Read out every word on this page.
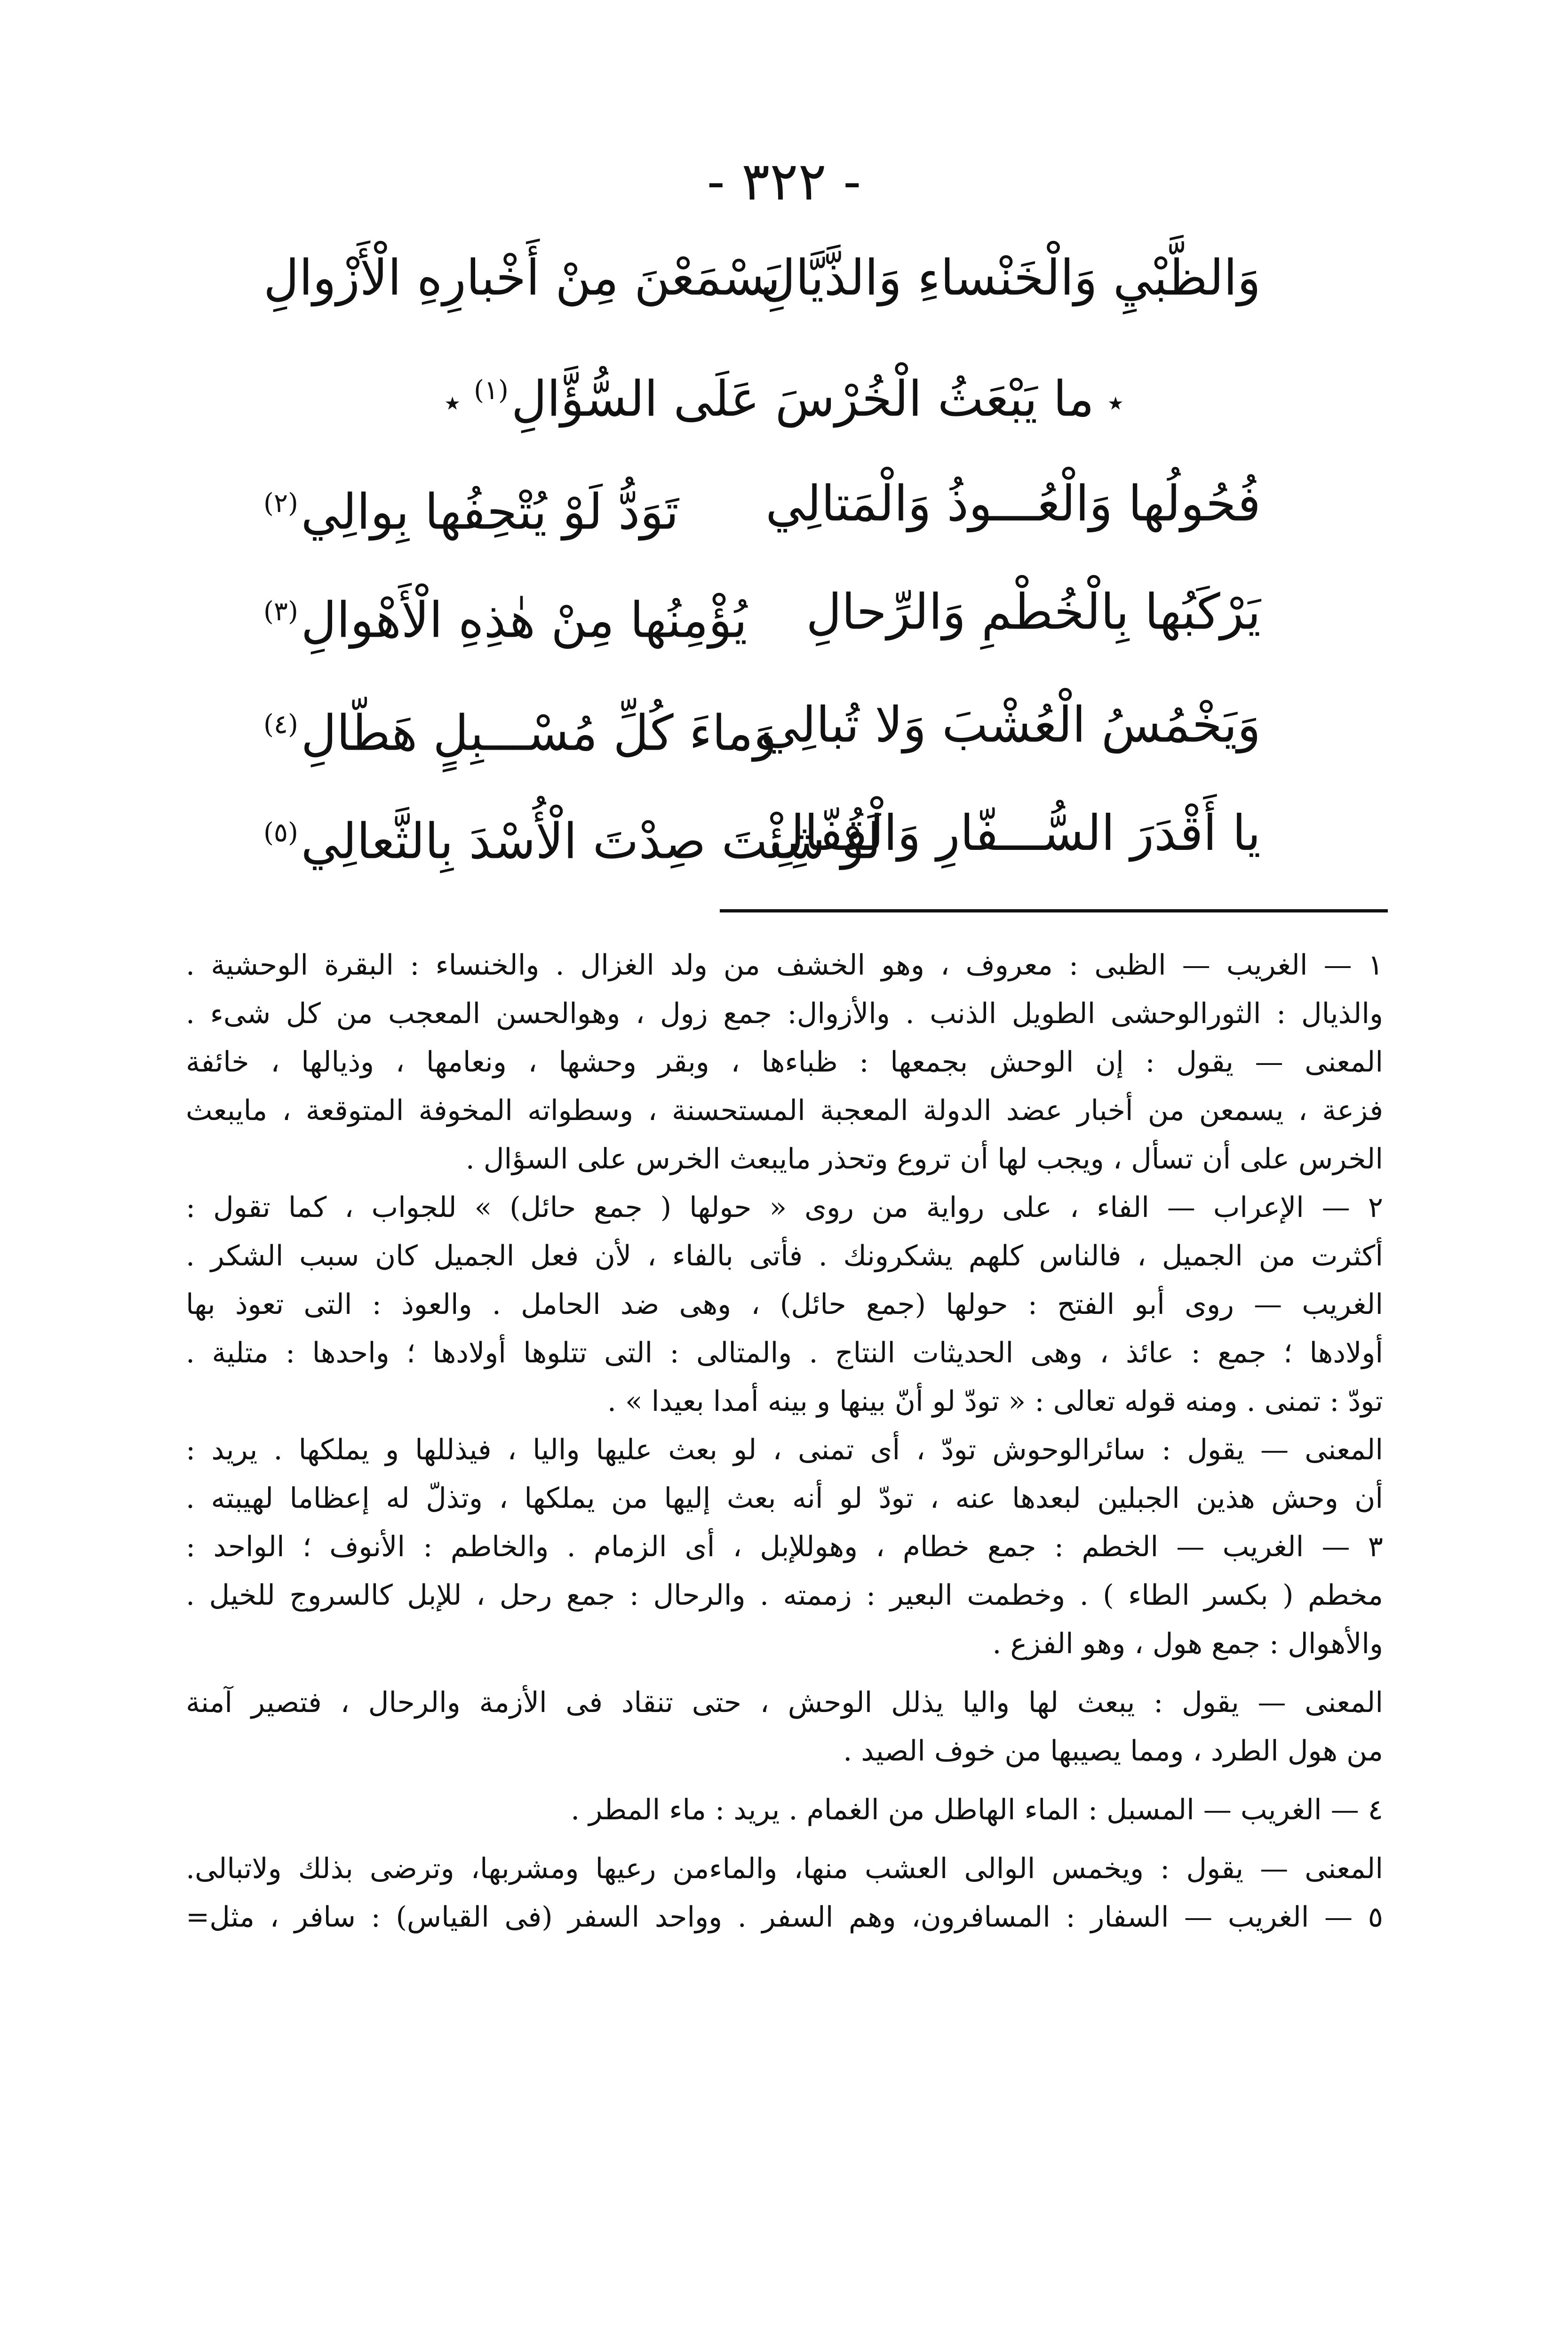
- ٣٢٢ -
وَالظَّبْيِ وَالْخَنْساءِ وَالذَّيَّالِ
يَسْمَعْنَ مِنْ أَخْبارِهِ الْأَزْوالِ
٭ما يَبْعَثُ الْخُرْسَ عَلَى السُّؤَّالِ$^{(١)}$٭
فُحُولُها وَالْعُـــوذُ وَالْمَتالِي
تَوَدُّ لَوْ يُتْحِفُها بِوالِي$^{(٢)}$
يَرْكَبُها بِالْخُطْمِ وَالرِّحالِ
يُؤْمِنُها مِنْ هٰذِهِ الْأَهْوالِ$^{(٣)}$
وَيَخْمُسُ الْعُشْبَ وَلا تُبالِي
وَماءَ كُلِّ مُسْـــبِلٍ هَطّالِ$^{(٤)}$
يا أَقْدَرَ السُّـــفّارِ وَالْقُفّالِ
لَوْ شِئْتَ صِدْتَ الْأُسْدَ بِالثَّعالِي$^{(٥)}$
١ — الغريب — الظبى : معروف ، وهو الخشف من ولد الغزال . والخنساء : البقرة الوحشية .
والذيال : الثورالوحشى الطويل الذنب . والأزوال: جمع زول ، وهوالحسن المعجب من كل شىء .
المعنى — يقول : إن الوحش بجمعها : ظباءها ، وبقر وحشها ، ونعامها ، وذيالها ، خائفة
فزعة ، يسمعن من أخبار عضد الدولة المعجبة المستحسنة ، وسطواته المخوفة المتوقعة ، مايبعث
الخرس على أن تسأل ، ويجب لها أن تروع وتحذر مايبعث الخرس على السؤال .
٢ — الإعراب — الفاء ، على رواية من روى « حولها ( جمع حائل) » للجواب ، كما تقول :
أكثرت من الجميل ، فالناس كلهم يشكرونك . فأتى بالفاء ، لأن فعل الجميل كان سبب الشكر .
الغريب — روى أبو الفتح : حولها (جمع حائل) ، وهى ضد الحامل . والعوذ : التى تعوذ بها
أولادها ؛ جمع : عائذ ، وهى الحديثات النتاج . والمتالى : التى تتلوها أولادها ؛ واحدها : متلية .
تودّ : تمنى . ومنه قوله تعالى : « تودّ لو أنّ بينها و بينه أمدا بعيدا » .
المعنى — يقول : سائرالوحوش تودّ ، أى تمنى ، لو بعث عليها واليا ، فيذللها و يملكها . يريد :
أن وحش هذين الجبلين لبعدها عنه ، تودّ لو أنه بعث إليها من يملكها ، وتذلّ له إعظاما لهيبته .
٣ — الغريب — الخطم : جمع خطام ، وهوللإبل ، أى الزمام . والخاطم : الأنوف ؛ الواحد :
مخطم ( بكسر الطاء ) . وخطمت البعير : زممته . والرحال : جمع رحل ، للإبل كالسروج للخيل .
والأهوال : جمع هول ، وهو الفزع .
المعنى — يقول : يبعث لها واليا يذلل الوحش ، حتى تنقاد فى الأزمة والرحال ، فتصير آمنة
من هول الطرد ، ومما يصيبها من خوف الصيد .
٤ — الغريب — المسبل : الماء الهاطل من الغمام . يريد : ماء المطر .
المعنى — يقول : ويخمس الوالى العشب منها، والماءمن رعيها ومشربها، وترضى بذلك ولاتبالى.
٥ — الغريب — السفار : المسافرون، وهم السفر . وواحد السفر (فى القياس) : سافر ، مثل=
